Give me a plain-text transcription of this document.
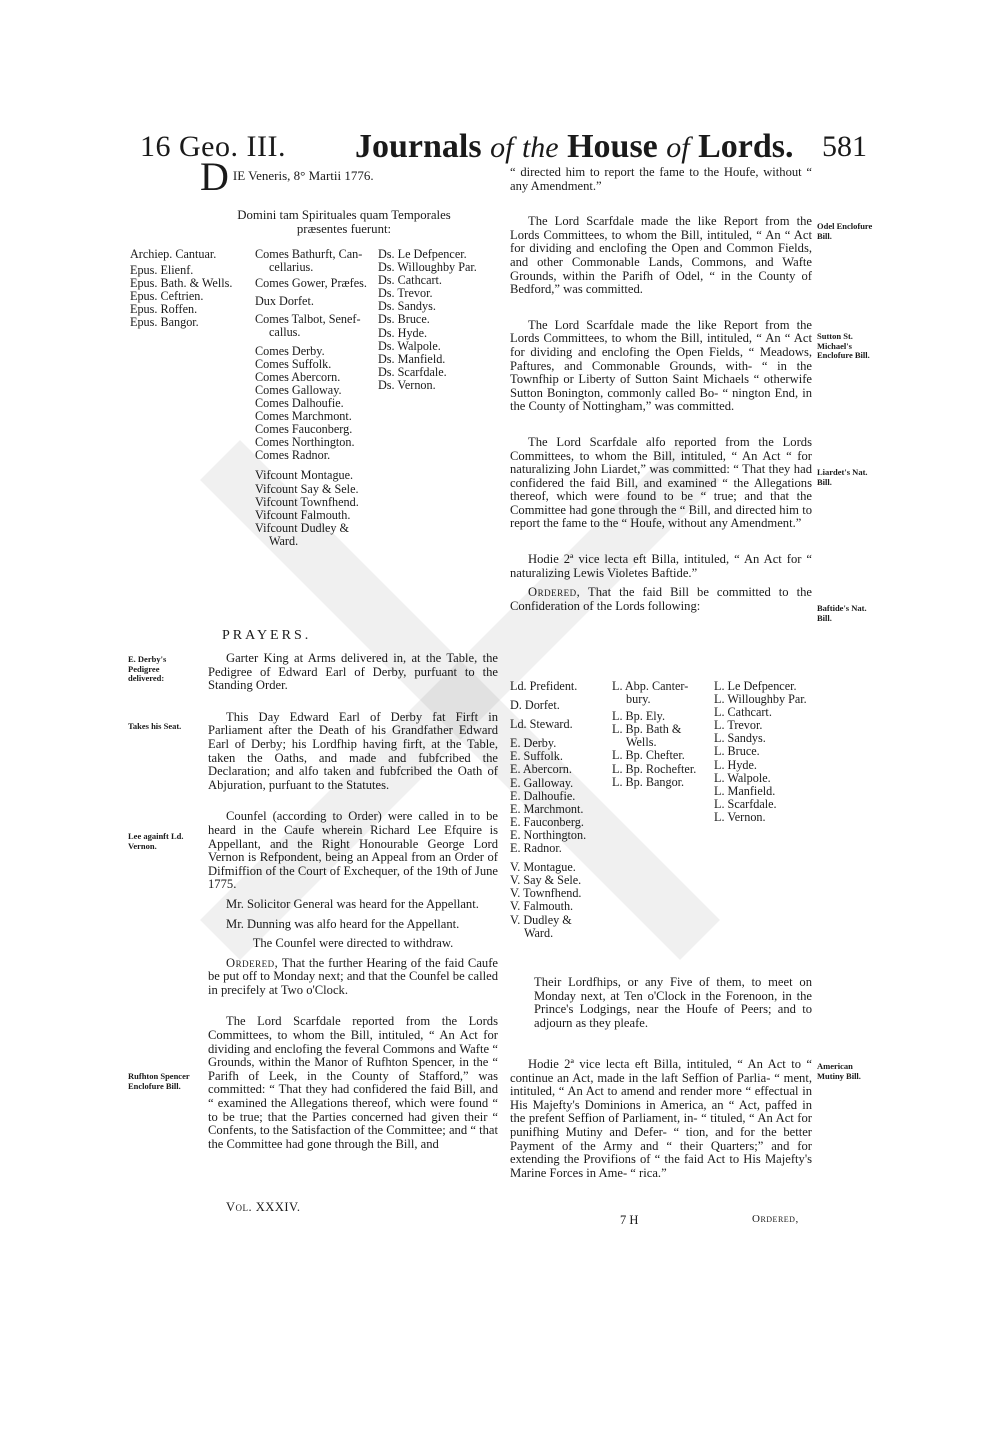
16 Geo. III. Journals of the House of Lords. 581
D IE Veneris, 8° Martii 1776.
Domini tam Spirituales quam Temporales præsentes fuerunt:
Archiep. Cantuar.
Epus. Elienf.
Epus. Bath. & Wells.
Epus. Ceftrien.
Epus. Roffen.
Epus. Bangor.
Comes Bathurft, Can-
cellarius.
Comes Gower, Præfes.
Dux Dorfet.
Comes Talbot, Senef-
callus.
Comes Derby.
Comes Suffolk.
Comes Abercorn.
Comes Galloway.
Comes Dalhoufie.
Comes Marchmont.
Comes Fauconberg.
Comes Northington.
Comes Radnor.
Vifcount Montague.
Vifcount Say & Sele.
Vifcount Townfhend.
Vifcount Falmouth.
Vifcount Dudley &
Ward.
Ds. Le Defpencer.
Ds. Willoughby Par.
Ds. Cathcart.
Ds. Trevor.
Ds. Sandys.
Ds. Bruce.
Ds. Hyde.
Ds. Walpole.
Ds. Manfield.
Ds. Scarfdale.
Ds. Vernon.
PRAYERS.

Garter King at Arms delivered in, at the Table, the Pedigree of Edward Earl of Derby, purfuant to the Standing Order.

This Day Edward Earl of Derby fat Firft in Parliament after the Death of his Grandfather Edward Earl of Derby; his Lordfhip having firft, at the Table, taken the Oaths, and made and fubfcribed the Declaration; and alfo taken and fubfcribed the Oath of Abjuration, purfuant to the Statutes.

Counfel (according to Order) were called in to be heard in the Caufe wherein Richard Lee Efquire is Appellant, and the Right Honourable George Lord Vernon is Refpondent, being an Appeal from an Order of Difmiffion of the Court of Exchequer, of the 19th of June 1775.

Mr. Solicitor General was heard for the Appellant.

Mr. Dunning was alfo heard for the Appellant.

The Counfel were directed to withdraw.

Ordered, That the further Hearing of the faid Caufe be put off to Monday next; and that the Counfel be called in precifely at Two o'Clock.

The Lord Scarfdale reported from the Lords Committees, to whom the Bill, intituled, “ An Act for dividing and enclofing the feveral Commons and Wafte “ Grounds, within the Manor of Rufhton Spencer, in the “ Parifh of Leek, in the County of Stafford,” was committed: “ That they had confidered the faid Bill, and “ examined the Allegations thereof, which were found “ to be true; that the Parties concerned had given their “ Confents, to the Satisfaction of the Committee; and “ that the Committee had gone through the Bill, and

E. Derby's Pedigree delivered:
Takes his Seat.
Lee againft Ld. Vernon.
Rufhton Spencer Enclofure Bill.

“ directed him to report the fame to the Houfe, without “ any Amendment.”

The Lord Scarfdale made the like Report from the Lords Committees, to whom the Bill, intituled, “ An “ Act for dividing and enclofing the Open and Common Fields, and other Commonable Lands, Commons, and Wafte Grounds, within the Parifh of Odel, “ in the County of Bedford,” was committed.

The Lord Scarfdale made the like Report from the Lords Committees, to whom the Bill, intituled, “ An “ Act for dividing and enclofing the Open Fields, “ Meadows, Paftures, and Commonable Grounds, with- “ in the Townfhip or Liberty of Sutton Saint Michaels “ otherwife Sutton Bonington, commonly called Bo- “ nington End, in the County of Nottingham,” was committed.

The Lord Scarfdale alfo reported from the Lords Committees, to whom the Bill, intituled, “ An Act “ for naturalizing John Liardet,” was committed: “ That they had confidered the faid Bill, and examined “ the Allegations thereof, which were found to be “ true; and that the Committee had gone through the “ Bill, and directed him to report the fame to the “ Houfe, without any Amendment.”

Hodie 2ª vice lecta eft Billa, intituled, “ An Act for “ naturalizing Lewis Violetes Baftide.”

Ordered, That the faid Bill be committed to the Confideration of the Lords following:

Ld. Prefident.
D. Dorfet.
Ld. Steward.
E. Derby.
E. Suffolk.
E. Abercorn.
E. Galloway.
E. Dalhoufie.
E. Marchmont.
E. Fauconberg.
E. Northington.
E. Radnor.
V. Montague.
V. Say & Sele.
V. Townfhend.
V. Falmouth.
V. Dudley &
Ward.
L. Abp. Canter-
bury.
L. Bp. Ely.
L. Bp. Bath &
Wells.
L. Bp. Chefter.
L. Bp. Rochefter.
L. Bp. Bangor.
L. Le Defpencer.
L. Willoughby Par.
L. Cathcart.
L. Trevor.
L. Sandys.
L. Bruce.
L. Hyde.
L. Walpole.
L. Manfield.
L. Scarfdale.
L. Vernon.

Their Lordfhips, or any Five of them, to meet on Monday next, at Ten o'Clock in the Forenoon, in the Prince's Lodgings, near the Houfe of Peers; and to adjourn as they pleafe.

Hodie 2ª vice lecta eft Billa, intituled, “ An Act to “ continue an Act, made in the laft Seffion of Parlia- “ ment, intituled, “ An Act to amend and render more “ effectual in His Majefty's Dominions in America, an “ Act, paffed in the prefent Seffion of Parliament, in- “ tituled, “ An Act for punifhing Mutiny and Defer- “ tion, and for the better Payment of the Army and “ their Quarters;” and for extending the Provifions of “ the faid Act to His Majefty's Marine Forces in Ame- “ rica.”

Odel Enclofure Bill.
Sutton St. Michael's Enclofure Bill.
Liardet's Nat. Bill.
Baftide's Nat. Bill.
American Mutiny Bill.
Vol. XXXIV.
7 H	Ordered,
